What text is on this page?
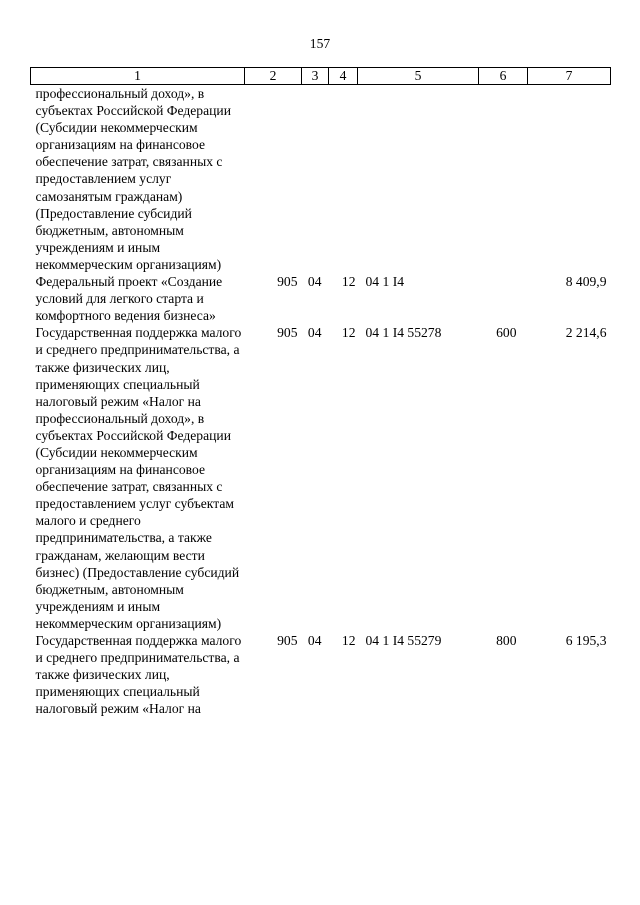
157
1	2	3	4	5	6	7
профессиональный доход», в субъектах Российской Федерации (Субсидии некоммерческим организациям на финансовое обеспечение затрат, связанных с предоставлением услуг самозанятым гражданам) (Предоставление субсидий бюджетным, автономным учреждениям и иным некоммерческим организациям)						
Федеральный проект «Создание условий для легкого старта и комфортного ведения бизнеса»	905	04	12	04 1 I4		8 409,9
Государственная поддержка малого и среднего предпринимательства, а также физических лиц, применяющих специальный налоговый режим «Налог на профессиональный доход», в субъектах Российской Федерации (Субсидии некоммерческим организациям на финансовое обеспечение затрат, связанных с предоставлением услуг субъектам малого и среднего предпринимательства, а также гражданам, желающим вести бизнес) (Предоставление субсидий бюджетным, автономным учреждениям и иным некоммерческим организациям)	905	04	12	04 1 I4 55278	600	2 214,6
Государственная поддержка малого и среднего предпринимательства, а также физических лиц, применяющих специальный налоговый режим «Налог на	905	04	12	04 1 I4 55279	800	6 195,3
